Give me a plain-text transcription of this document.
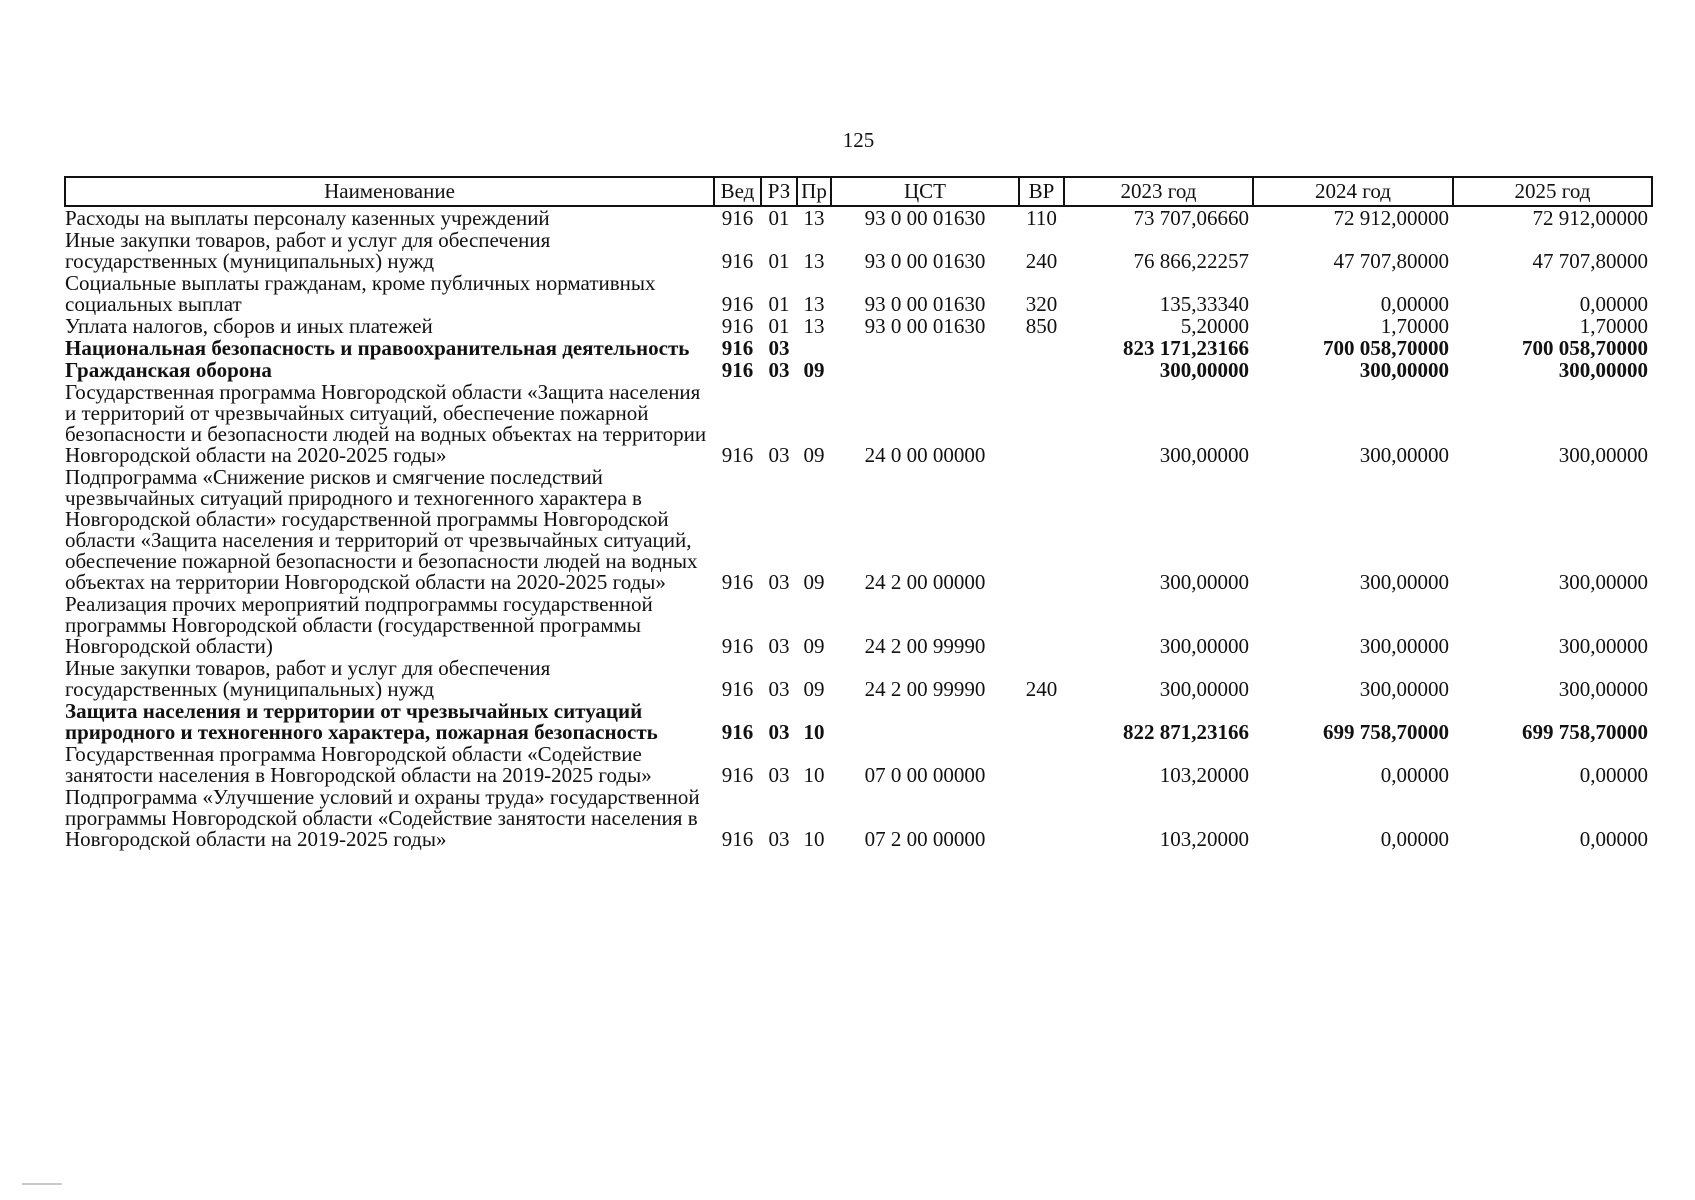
125
Наименование	Вед	РЗ	Пр	ЦСТ	ВР	2023 год	2024 год	2025 год
Расходы на выплаты персоналу казенных учреждений	916	01	13	93 0 00 01630	110	73 707,06660	72 912,00000	72 912,00000
Иные закупки товаров, работ и услуг для обеспечения государственных (муниципальных) нужд	916	01	13	93 0 00 01630	240	76 866,22257	47 707,80000	47 707,80000
Социальные выплаты гражданам, кроме публичных нормативных социальных выплат	916	01	13	93 0 00 01630	320	135,33340	0,00000	0,00000
Уплата налогов, сборов и иных платежей	916	01	13	93 0 00 01630	850	5,20000	1,70000	1,70000
Национальная безопасность и правоохранительная деятельность	916	03				823 171,23166	700 058,70000	700 058,70000
Гражданская оборона	916	03	09			300,00000	300,00000	300,00000
Государственная программа Новгородской области «Защита населения и территорий от чрезвычайных ситуаций, обеспечение пожарной безопасности и безопасности людей на водных объектах на территории Новгородской области на 2020-2025 годы»	916	03	09	24 0 00 00000		300,00000	300,00000	300,00000
Подпрограмма «Снижение рисков и смягчение последствий чрезвычайных ситуаций природного и техногенного характера в Новгородской области» государственной программы Новгородской области «Защита населения и территорий от чрезвычайных ситуаций, обеспечение пожарной безопасности и безопасности людей на водных объектах на территории Новгородской области на 2020-2025 годы»	916	03	09	24 2 00 00000		300,00000	300,00000	300,00000
Реализация прочих мероприятий подпрограммы государственной программы Новгородской области (государственной программы Новгородской области)	916	03	09	24 2 00 99990		300,00000	300,00000	300,00000
Иные закупки товаров, работ и услуг для обеспечения государственных (муниципальных) нужд	916	03	09	24 2 00 99990	240	300,00000	300,00000	300,00000
Защита населения и территории от чрезвычайных ситуаций природного и техногенного характера, пожарная безопасность	916	03	10			822 871,23166	699 758,70000	699 758,70000
Государственная программа Новгородской области «Содействие занятости населения в Новгородской области на 2019-2025 годы»	916	03	10	07 0 00 00000		103,20000	0,00000	0,00000
Подпрограмма «Улучшение условий и охраны труда» государственной программы Новгородской области «Содействие занятости населения в Новгородской области на 2019-2025 годы»	916	03	10	07 2 00 00000		103,20000	0,00000	0,00000
